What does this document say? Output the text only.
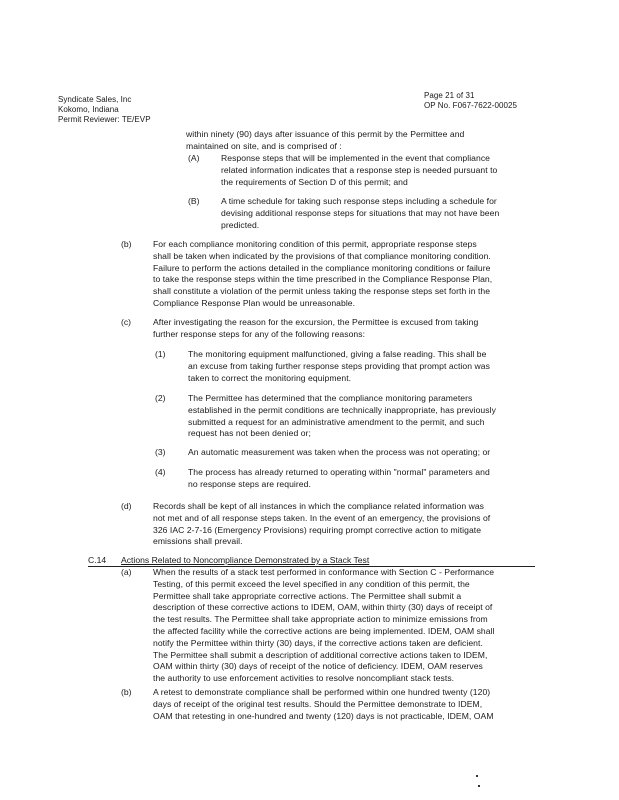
Syndicate Sales, Inc
Kokomo, Indiana
Permit Reviewer: TE/EVP
Page 21 of 31
OP No. F067-7622-00025
within ninety (90) days after issuance of this permit by the Permittee and
maintained on site, and is comprised of :
(A)	Response steps that will be implemented in the event that compliance
related information indicates that a response step is needed pursuant to
the requirements of Section D of this permit; and
(B)	A time schedule for taking such response steps including a schedule for
devising additional response steps for situations that may not have been
predicted.
(b) For each compliance monitoring condition of this permit, appropriate response steps
shall be taken when indicated by the provisions of that compliance monitoring condition.
Failure to perform the actions detailed in the compliance monitoring conditions or failure
to take the response steps within the time prescribed in the Compliance Response Plan,
shall constitute a violation of the permit unless taking the response steps set forth in the
Compliance Response Plan would be unreasonable.
(c)	After investigating the reason for the excursion, the Permittee is excused from taking
further response steps for any of the following reasons:
(1)	The monitoring equipment malfunctioned, giving a false reading. This shall be
an excuse from taking further response steps providing that prompt action was
taken to correct the monitoring equipment.
(2)	The Permittee has determined that the compliance monitoring parameters
established in the permit conditions are technically inappropriate, has previously
submitted a request for an administrative amendment to the permit, and such
request has not been denied or;
(3)	An automatic measurement was taken when the process was not operating; or
(4)	The process has already returned to operating within "normal" parameters and
no response steps are required.
(d) Records shall be kept of all instances in which the compliance related information was
not met and of all response steps taken. In the event of an emergency, the provisions of
326 IAC 2-7-16 (Emergency Provisions) requiring prompt corrective action to mitigate
emissions shall prevail.
C.14 Actions Related to Noncompliance Demonstrated by a Stack Test
(a) When the results of a stack test performed in conformance with Section C - Performance
Testing, of this permit exceed the level specified in any condition of this permit, the
Permittee shall take appropriate corrective actions. The Permittee shall submit a
description of these corrective actions to IDEM, OAM, within thirty (30) days of receipt of
the test results. The Permittee shall take appropriate action to minimize emissions from
the affected facility while the corrective actions are being implemented. IDEM, OAM shall
notify the Permittee within thirty (30) days, if the corrective actions taken are deficient.
The Permittee shall submit a description of additional corrective actions taken to IDEM,
OAM within thirty (30) days of receipt of the notice of deficiency. IDEM, OAM reserves
the authority to use enforcement activities to resolve noncompliant stack tests.
(b) A retest to demonstrate compliance shall be performed within one hundred twenty (120)
days of receipt of the original test results. Should the Permittee demonstrate to IDEM,
OAM that retesting in one-hundred and twenty (120) days is not practicable, IDEM, OAM
